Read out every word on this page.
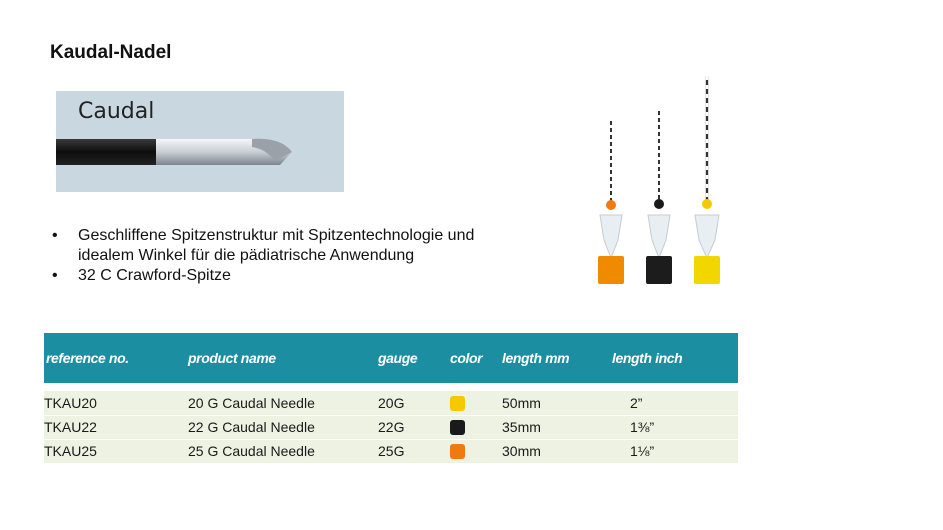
Kaudal-Nadel
Caudal
• Geschliffene Spitzenstruktur mit Spitzentechnologie und idealem Winkel für die pädiatrische Anwendung
• 32 C Crawford-Spitze
reference no.	product name	gauge	color	length mm	length inch

TKAU20	20 G Caudal Needle	20G		50mm	2”
TKAU22	22 G Caudal Needle	22G		35mm	1⅜”
TKAU25	25 G Caudal Needle	25G		30mm	1⅛”
